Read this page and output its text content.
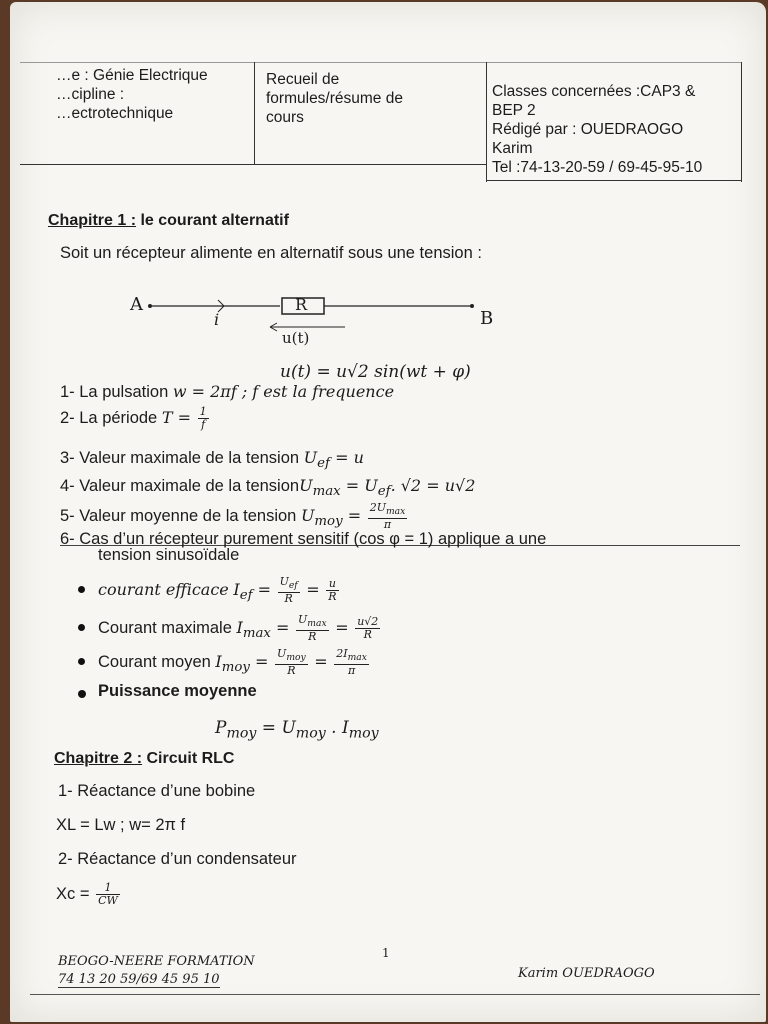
…e : Génie Electrique
…cipline :
…ectrotechnique
Recueil de
formules/résume de
cours
Classes concernées :CAP3 &
BEP 2
Rédigé par : OUEDRAOGO
Karim
Tel :74-13-20-59 / 69-45-95-10
Chapitre 1 : le courant alternatif
Soit un récepteur alimente en alternatif sous une tension :
A
B
R
i
u(t)
u(t) = u√2 sin(wt + φ)
1- La pulsation w = 2πf ; f est la frequence
2- La période $T = \frac{1}{f}$
3- Valeur maximale de la tension $U_{ef} = u$
4- Valeur maximale de la tensionU$_{max}$ = $U_{ef}$. √2 = u√2
5- Valeur moyenne de la tension $U_{moy} = \frac{2U_{max}}{\pi}$
6- Cas d’un récepteur purement sensitif (cos φ = 1) applique a une
tension sinusoïdale
courant efficace $I_{ef} = \frac{U_{ef}}{R} = \frac{u}{R}$
Courant maximale $I_{max} = \frac{U_{max}}{R} = \frac{u√2}{R}$
Courant moyen $I_{moy} = \frac{U_{moy}}{R} = \frac{2I_{max}}{\pi}$
Puissance moyenne
$P_{moy} = U_{moy}$ . $I_{moy}$
Chapitre 2 : Circuit RLC
1- Réactance d’une bobine
XL = Lw ; w= 2π f
2- Réactance d’un condensateur
$Xc = \frac{1}{CW}$
BEOGO-NEERE FORMATION
74 13 20 59/69 45 95 10
1
Karim OUEDRAOGO
